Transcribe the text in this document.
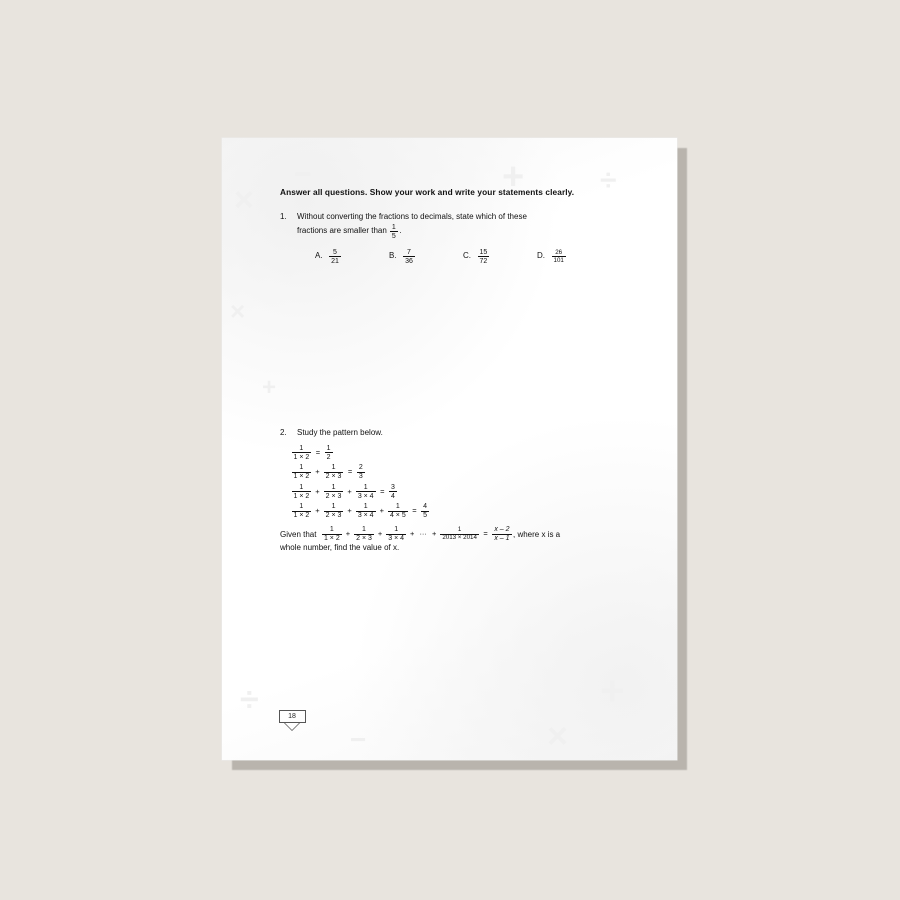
×
−	+	÷
÷	+
×
−
×
+
Answer all questions. Show your work and write your statements clearly.
1.	Without converting the fractions to decimals, state which of these
fractions are smaller than $\frac{1}{5}$ .
A. $\frac{5}{21}$	B. $\frac{7}{36}$	C. $\frac{15}{72}$	D. $\frac{26}{101}$
2.	Study the pattern below.
$\frac{1}{1 \times 2} = \frac{1}{2}$
$\frac{1}{1 \times 2} + \frac{1}{2 \times 3} = \frac{2}{3}$
$\frac{1}{1 \times 2} + \frac{1}{2 \times 3} + \frac{1}{3 \times 4} = \frac{3}{4}$
$\frac{1}{1 \times 2} + \frac{1}{2 \times 3} + \frac{1}{3 \times 4} + \frac{1}{4 \times 5} = \frac{4}{5}$
Given that $\frac{1}{1 \times 2} + \frac{1}{2 \times 3} + \frac{1}{3 \times 4}$ + ··· + $\frac{1}{2013 \times 2014} = \frac{x - 2}{x - 1}$ , where x is a
whole number, find the value of x.
18
